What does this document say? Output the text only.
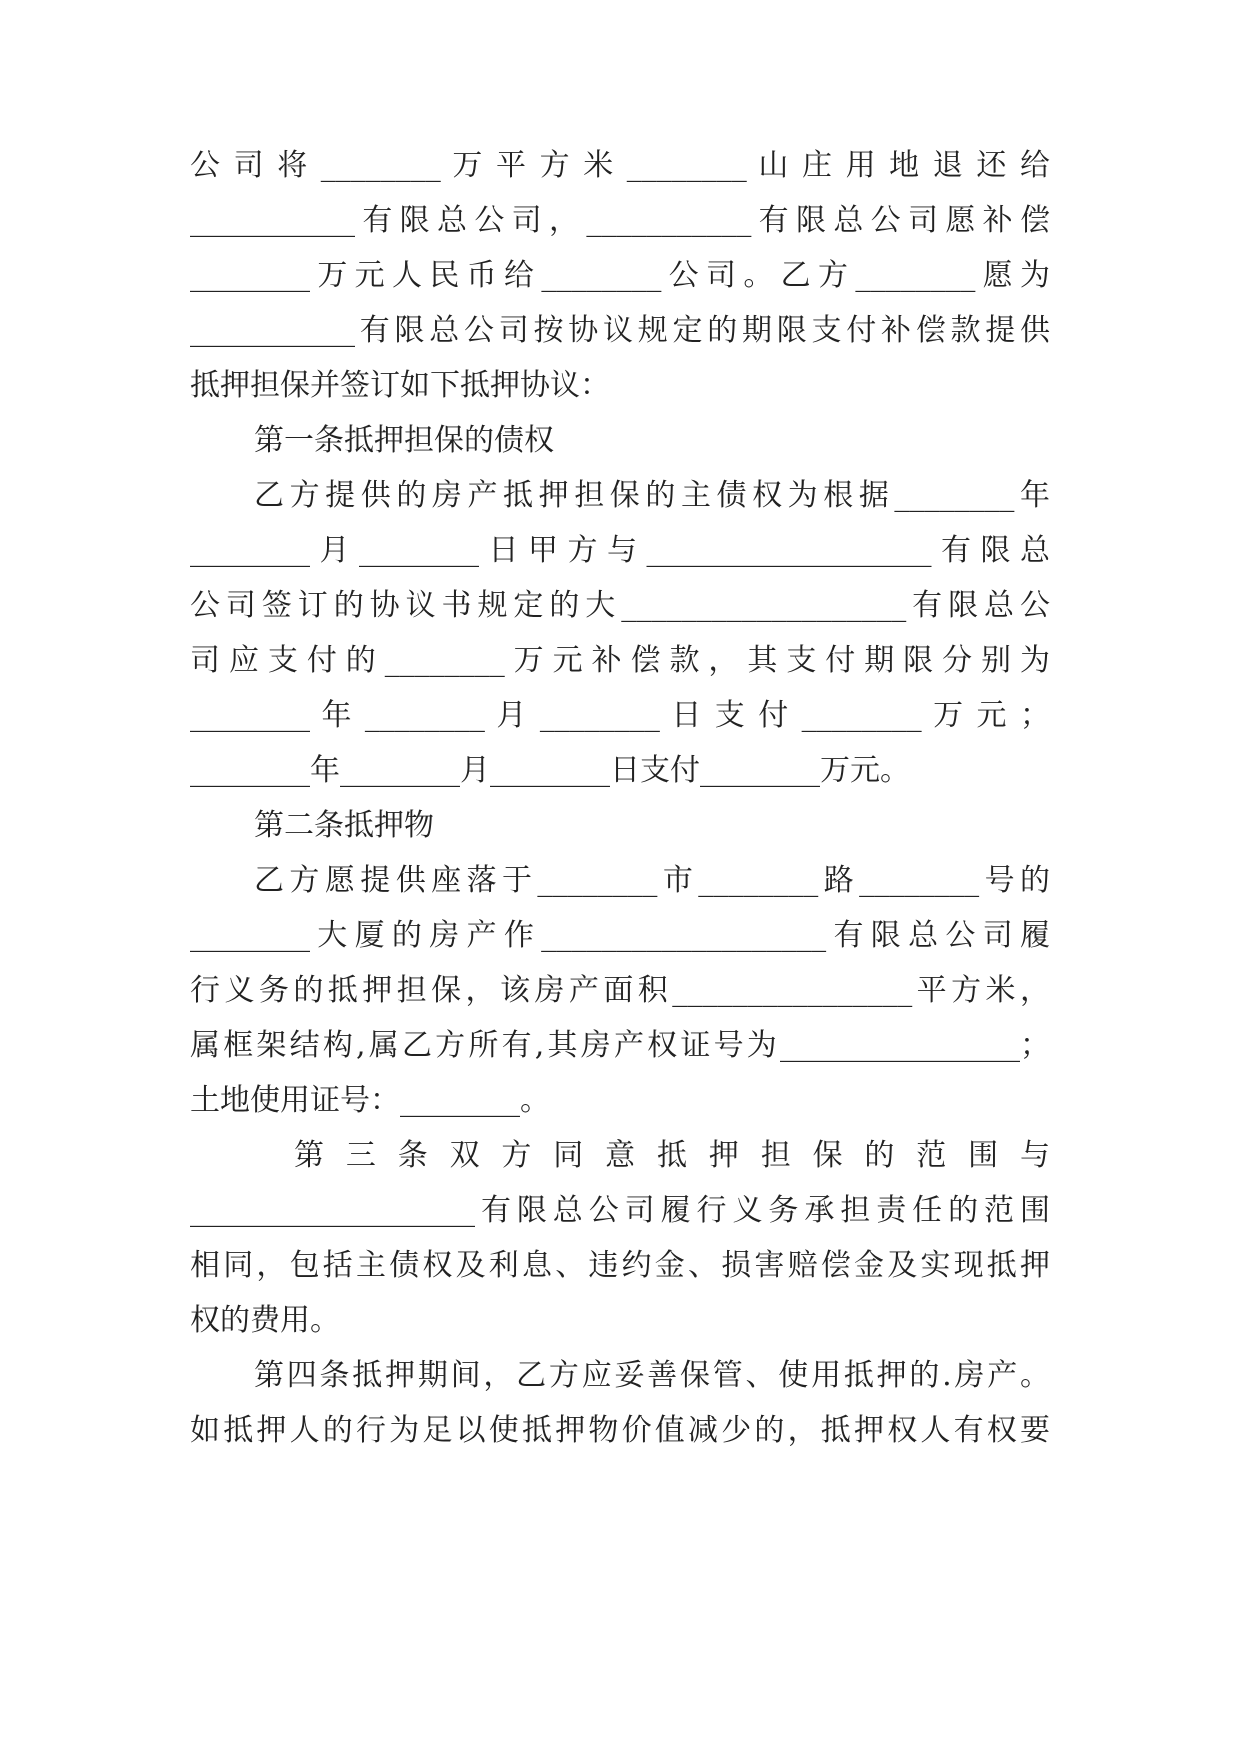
公 司 将 ________ 万 平 方 米 ________ 山 庄 用 地 退 还 给
___________有限总公司，___________有限总公司愿补偿
________万元人民币给________公司。乙方________愿为
___________有限总公司按协议规定的期限支付补偿款提供
抵押担保并签订如下抵押协议：
第一条抵押担保的债权
乙方提供的房产抵押担保的主债权为根据________年
________月________日甲方与___________________有限总
公司签订的协议书规定的大___________________有限总公
司应支付的________万元补偿款，其支付期限分别为
________ 年 ________ 月 ________ 日 支 付 ________ 万 元 ；
________年________月________日支付________万元。
第二条抵押物
乙方愿提供座落于________市________路________号的
________大厦的房产作___________________有限总公司履
行义务的抵押担保，该房产面积________________平方米，
属框架结构,属乙方所有,其房产权证号为________________；
土地使用证号：________。
第 三 条 双 方 同 意 抵 押 担 保 的 范 围 与
___________________有限总公司履行义务承担责任的范围
相同，包括主债权及利息、违约金、损害赔偿金及实现抵押
权的费用。
第四条抵押期间，乙方应妥善保管、使用抵押的.房产。
如抵押人的行为足以使抵押物价值减少的，抵押权人有权要
